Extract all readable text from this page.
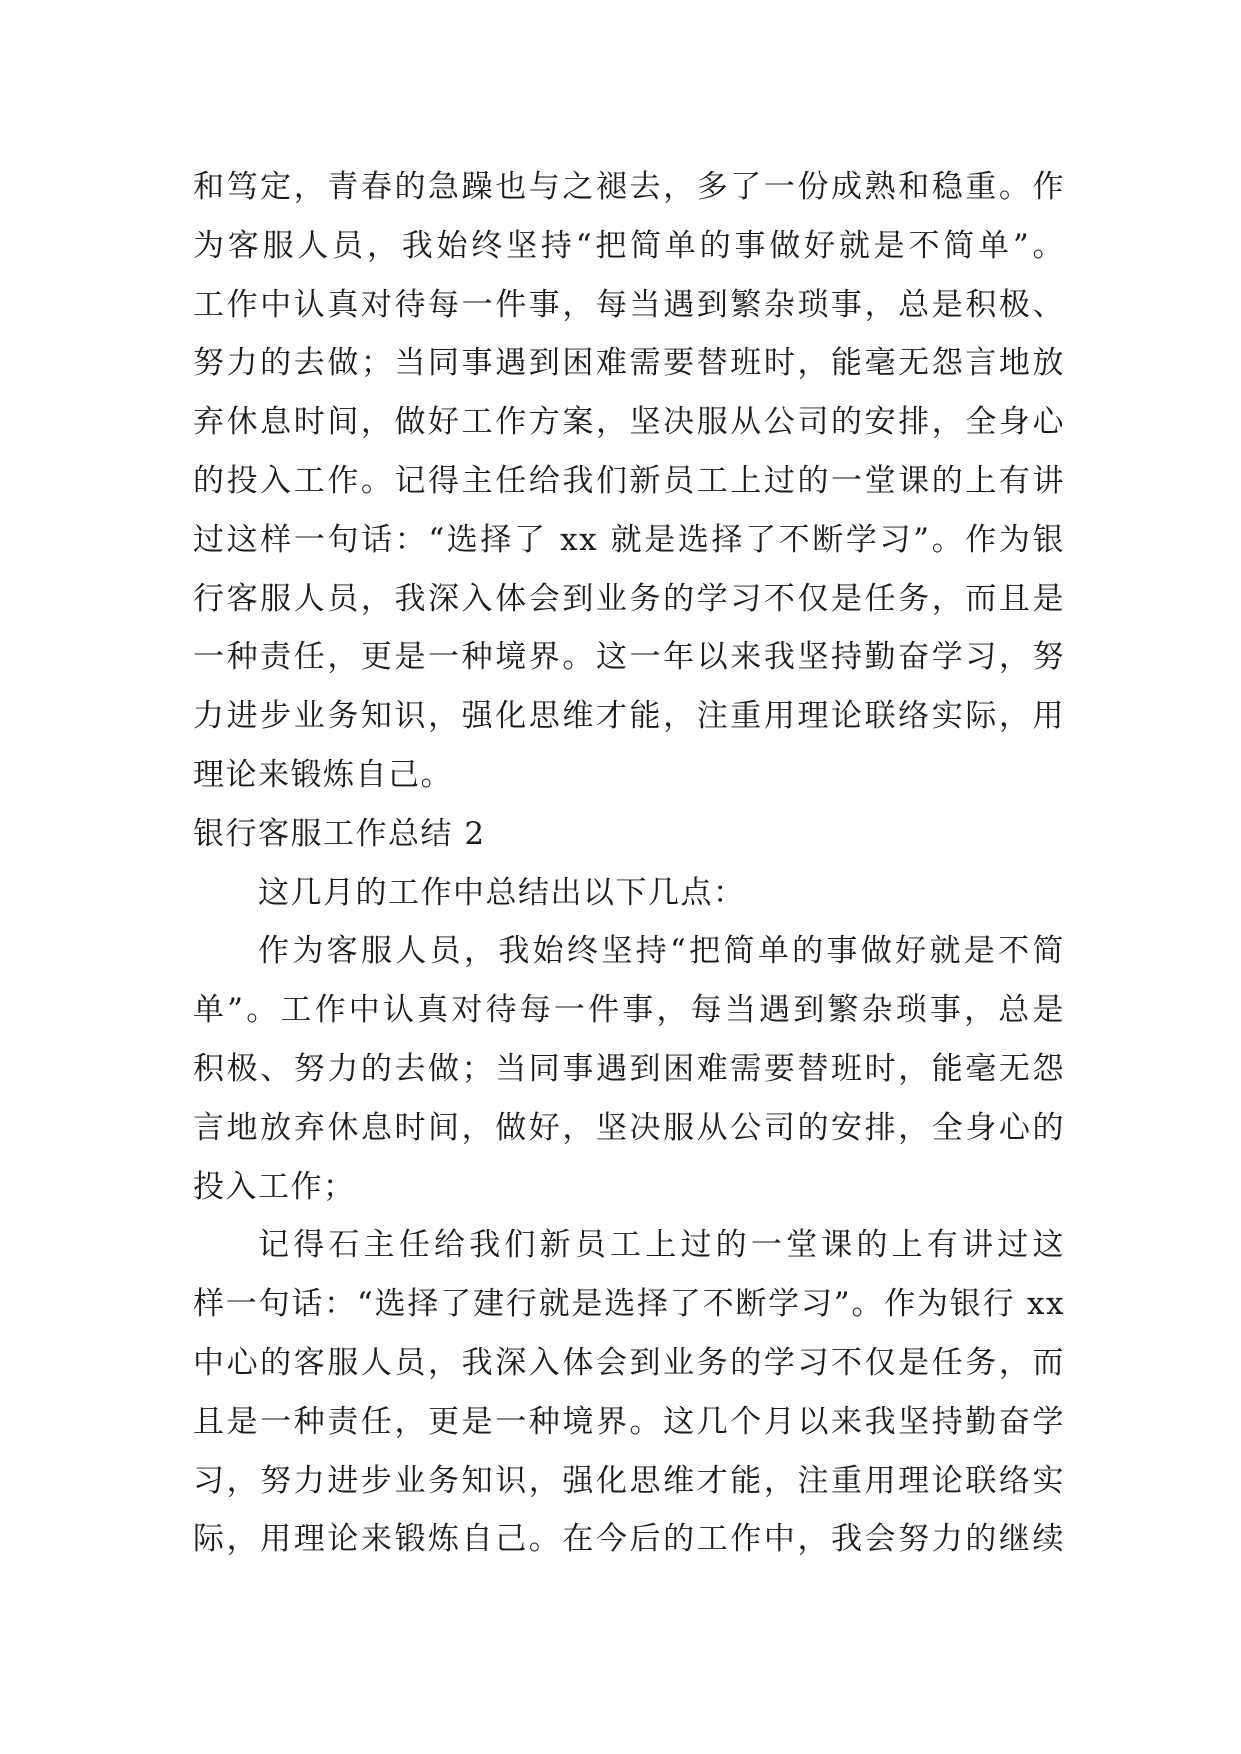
和笃定，青春的急躁也与之褪去，多了一份成熟和稳重。作
为客服人员，我始终坚持“把简单的事做好就是不简单”。
工作中认真对待每一件事，每当遇到繁杂琐事，总是积极、
努力的去做；当同事遇到困难需要替班时，能毫无怨言地放
弃休息时间，做好工作方案，坚决服从公司的安排，全身心
的投入工作。记得主任给我们新员工上过的一堂课的上有讲
过这样一句话：“选择了 xx 就是选择了不断学习”。作为银
行客服人员，我深入体会到业务的学习不仅是任务，而且是
一种责任，更是一种境界。这一年以来我坚持勤奋学习，努
力进步业务知识，强化思维才能，注重用理论联络实际，用
理论来锻炼自己。
银行客服工作总结 2
这几月的工作中总结出以下几点：
作为客服人员，我始终坚持“把简单的事做好就是不简
单”。工作中认真对待每一件事，每当遇到繁杂琐事，总是
积极、努力的去做；当同事遇到困难需要替班时，能毫无怨
言地放弃休息时间，做好，坚决服从公司的安排，全身心的
投入工作；
记得石主任给我们新员工上过的一堂课的上有讲过这
样一句话：“选择了建行就是选择了不断学习”。作为银行 xx
中心的客服人员，我深入体会到业务的学习不仅是任务，而
且是一种责任，更是一种境界。这几个月以来我坚持勤奋学
习，努力进步业务知识，强化思维才能，注重用理论联络实
际，用理论来锻炼自己。在今后的工作中，我会努力的继续
